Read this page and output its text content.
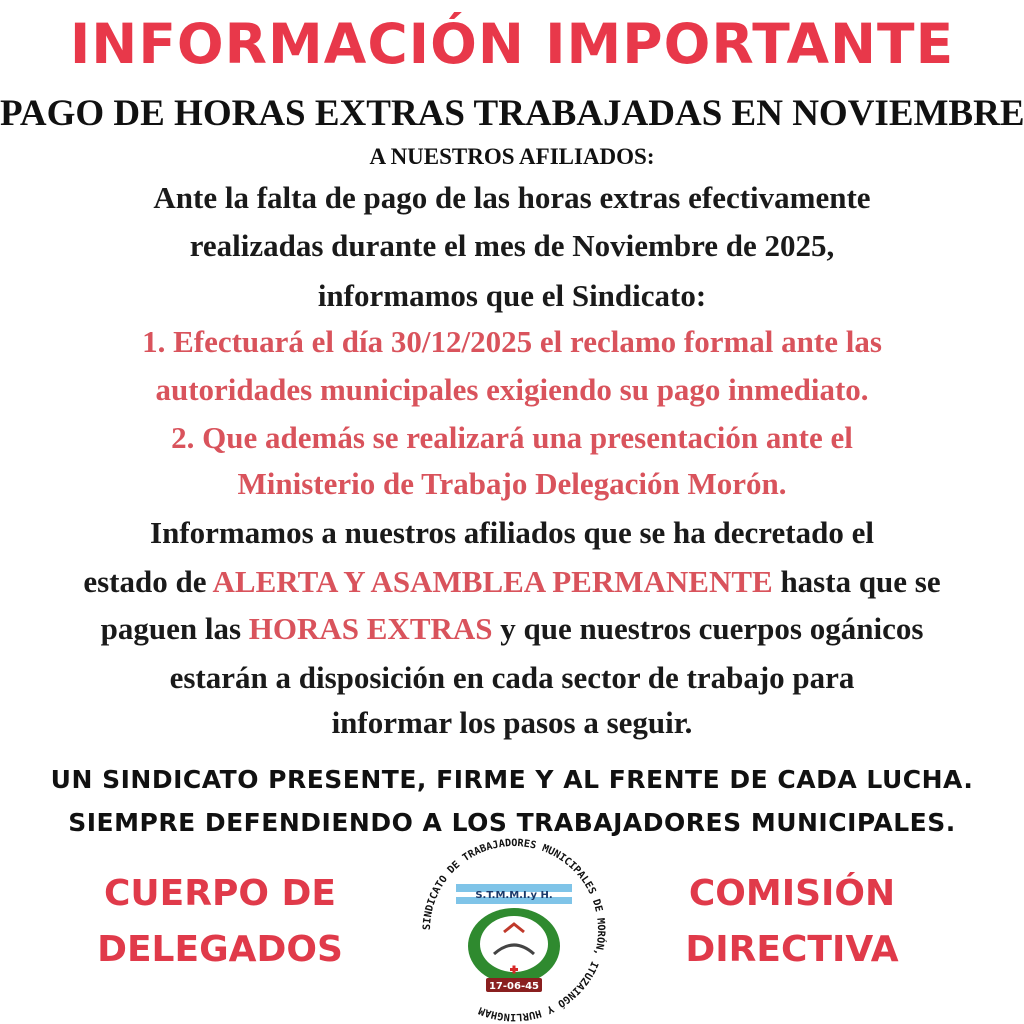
INFORMACIÓN IMPORTANTE
PAGO DE HORAS EXTRAS TRABAJADAS EN NOVIEMBRE
A NUESTROS AFILIADOS:
Ante la falta de pago de las horas extras efectivamente
realizadas durante el mes de Noviembre de 2025,
informamos que el Sindicato:
1. Efectuará el día 30/12/2025 el reclamo formal ante las
autoridades municipales exigiendo su pago inmediato.
2. Que además se realizará una presentación ante el
Ministerio de Trabajo Delegación Morón.
Informamos a nuestros afiliados que se ha decretado el
estado de ALERTA Y ASAMBLEA PERMANENTE hasta que se
paguen las HORAS EXTRAS y que nuestros cuerpos ogánicos
estarán a disposición en cada sector de trabajo para
informar los pasos a seguir.
UN SINDICATO PRESENTE, FIRME Y AL FRENTE DE CADA LUCHA.
SIEMPRE DEFENDIENDO A LOS TRABAJADORES MUNICIPALES.
CUERPO DE
DELEGADOS
COMISIÓN
DIRECTIVA
SINDICATO DE TRABAJADORES MUNICIPALES DE MORÓN, ITUZAINGÓ Y HURLINGHAM
S.T.M.M.I.y H.
17-06-45
